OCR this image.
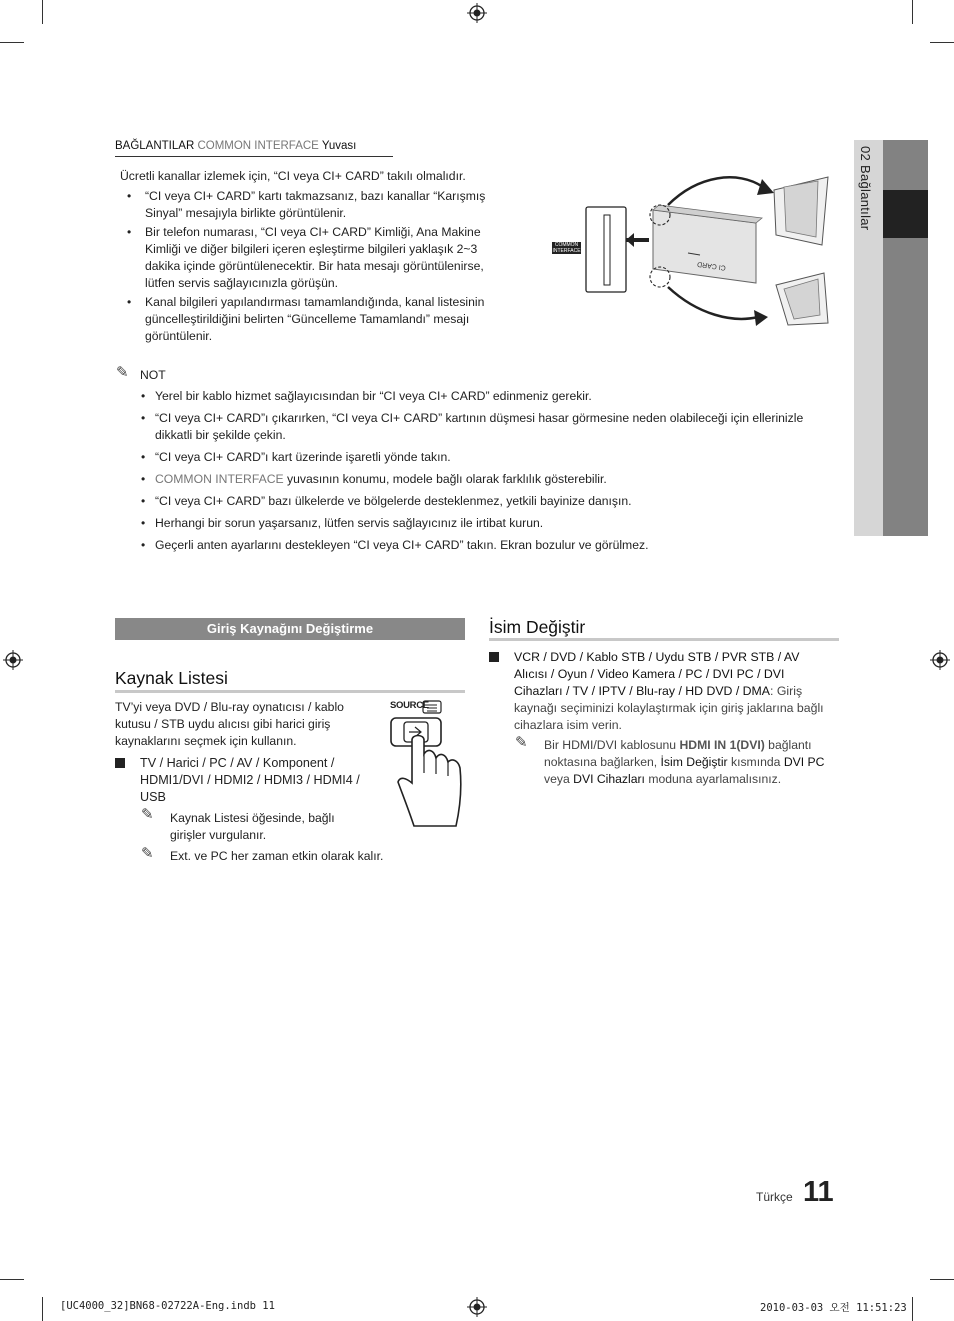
02 Bağlantılar
BAĞLANTILAR COMMON INTERFACE Yuvası
Ücretli kanallar izlemek için, “CI veya CI+ CARD” takılı olmalıdır.
• “CI veya CI+ CARD” kartı takmazsanız, bazı kanallar “Karışmış Sinyal” mesajıyla birlikte görüntülenir.
• Bir telefon numarası, “CI veya CI+ CARD” Kimliği, Ana Makine Kimliği ve diğer bilgileri içeren eşleştirme bilgileri yaklaşık 2~3 dakika içinde görüntülenecektir. Bir hata mesajı görüntülenirse, lütfen servis sağlayıcınızla görüşün.
• Kanal bilgileri yapılandırması tamamlandığında, kanal listesinin güncelleştirildiğini belirten “Güncelleme Tamamlandı” mesajı görüntülenir.
CI CARD
COMMON
INTERFACE
✎ NOT
• Yerel bir kablo hizmet sağlayıcısından bir “CI veya CI+ CARD” edinmeniz gerekir.
• “CI veya CI+ CARD”ı çıkarırken, “CI veya CI+ CARD” kartının düşmesi hasar görmesine neden olabileceği için ellerinizle dikkatli bir şekilde çekin.
• “CI veya CI+ CARD”ı kart üzerinde işaretli yönde takın.
• COMMON INTERFACE yuvasının konumu, modele bağlı olarak farklılık gösterebilir.
• “CI veya CI+ CARD” bazı ülkelerde ve bölgelerde desteklenmez, yetkili bayinize danışın.
• Herhangi bir sorun yaşarsanız, lütfen servis sağlayıcınız ile irtibat kurun.
• Geçerli anten ayarlarını destekleyen “CI veya CI+ CARD” takın. Ekran bozulur ve görülmez.
Giriş Kaynağını Değiştirme
Kaynak Listesi
TV’yi veya DVD / Blu-ray oynatıcısı / kablo kutusu / STB uydu alıcısı gibi harici giriş kaynaklarını seçmek için kullanın.
TV / Harici / PC / AV / Komponent / HDMI1/DVI / HDMI2 / HDMI3 / HDMI4 / USB
✎ Kaynak Listesi öğesinde, bağlı girişler vurgulanır.
✎ Ext. ve PC her zaman etkin olarak kalır.
SOURCE
İsim Değiştir
VCR / DVD / Kablo STB / Uydu STB / PVR STB / AV Alıcısı / Oyun / Video Kamera / PC / DVI PC / DVI Cihazları / TV / IPTV / Blu-ray / HD DVD / DMA: Giriş kaynağı seçiminizi kolaylaştırmak için giriş jaklarına bağlı cihazlara isim verin.
✎ Bir HDMI/DVI kablosunu HDMI IN 1(DVI) bağlantı noktasına bağlarken, İsim Değiştir kısmında DVI PC veya DVI Cihazları moduna ayarlamalısınız.
Türkçe 11
[UC4000_32]BN68-02722A-Eng.indb 11	2010-03-03 오전 11:51:23
